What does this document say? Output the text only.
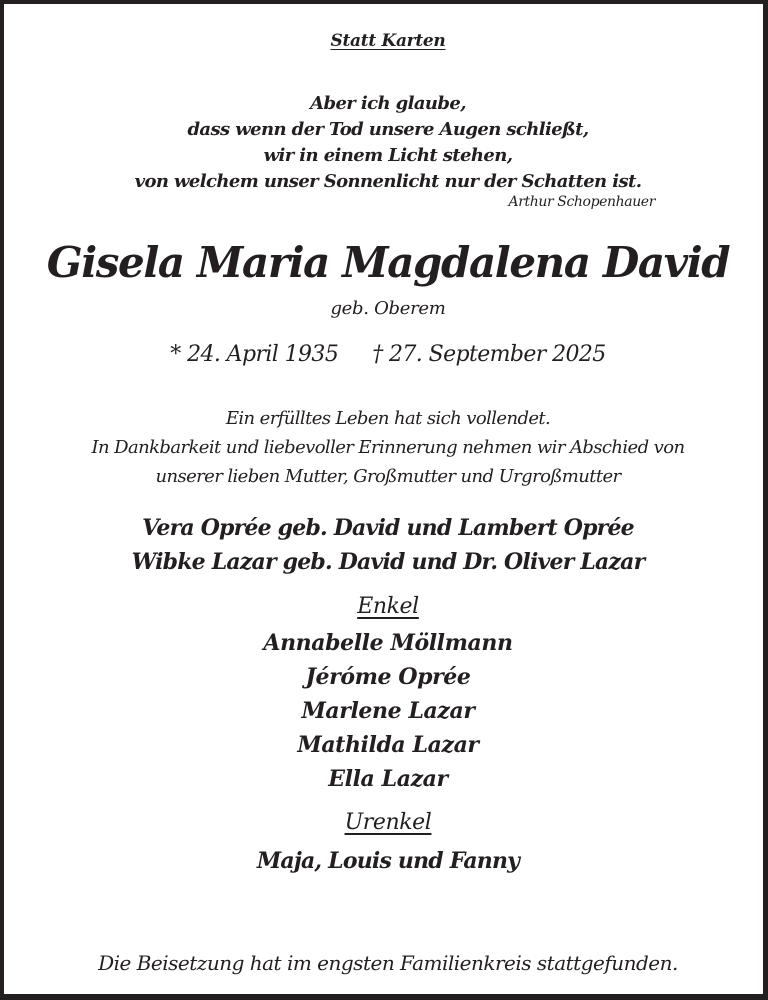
Statt Karten
Aber ich glaube,
dass wenn der Tod unsere Augen schließt,
wir in einem Licht stehen,
von welchem unser Sonnenlicht nur der Schatten ist.
Arthur Schopenhauer
Gisela Maria Magdalena David
geb. Oberem
* 24. April 1935 † 27. September 2025
Ein erfülltes Leben hat sich vollendet.
In Dankbarkeit und liebevoller Erinnerung nehmen wir Abschied von
unserer lieben Mutter, Großmutter und Urgroßmutter
Vera Oprée geb. David und Lambert Oprée
Wibke Lazar geb. David und Dr. Oliver Lazar
Enkel
Annabelle Möllmann
Jéróme Oprée
Marlene Lazar
Mathilda Lazar
Ella Lazar
Urenkel
Maja, Louis und Fanny
Die Beisetzung hat im engsten Familienkreis stattgefunden.
